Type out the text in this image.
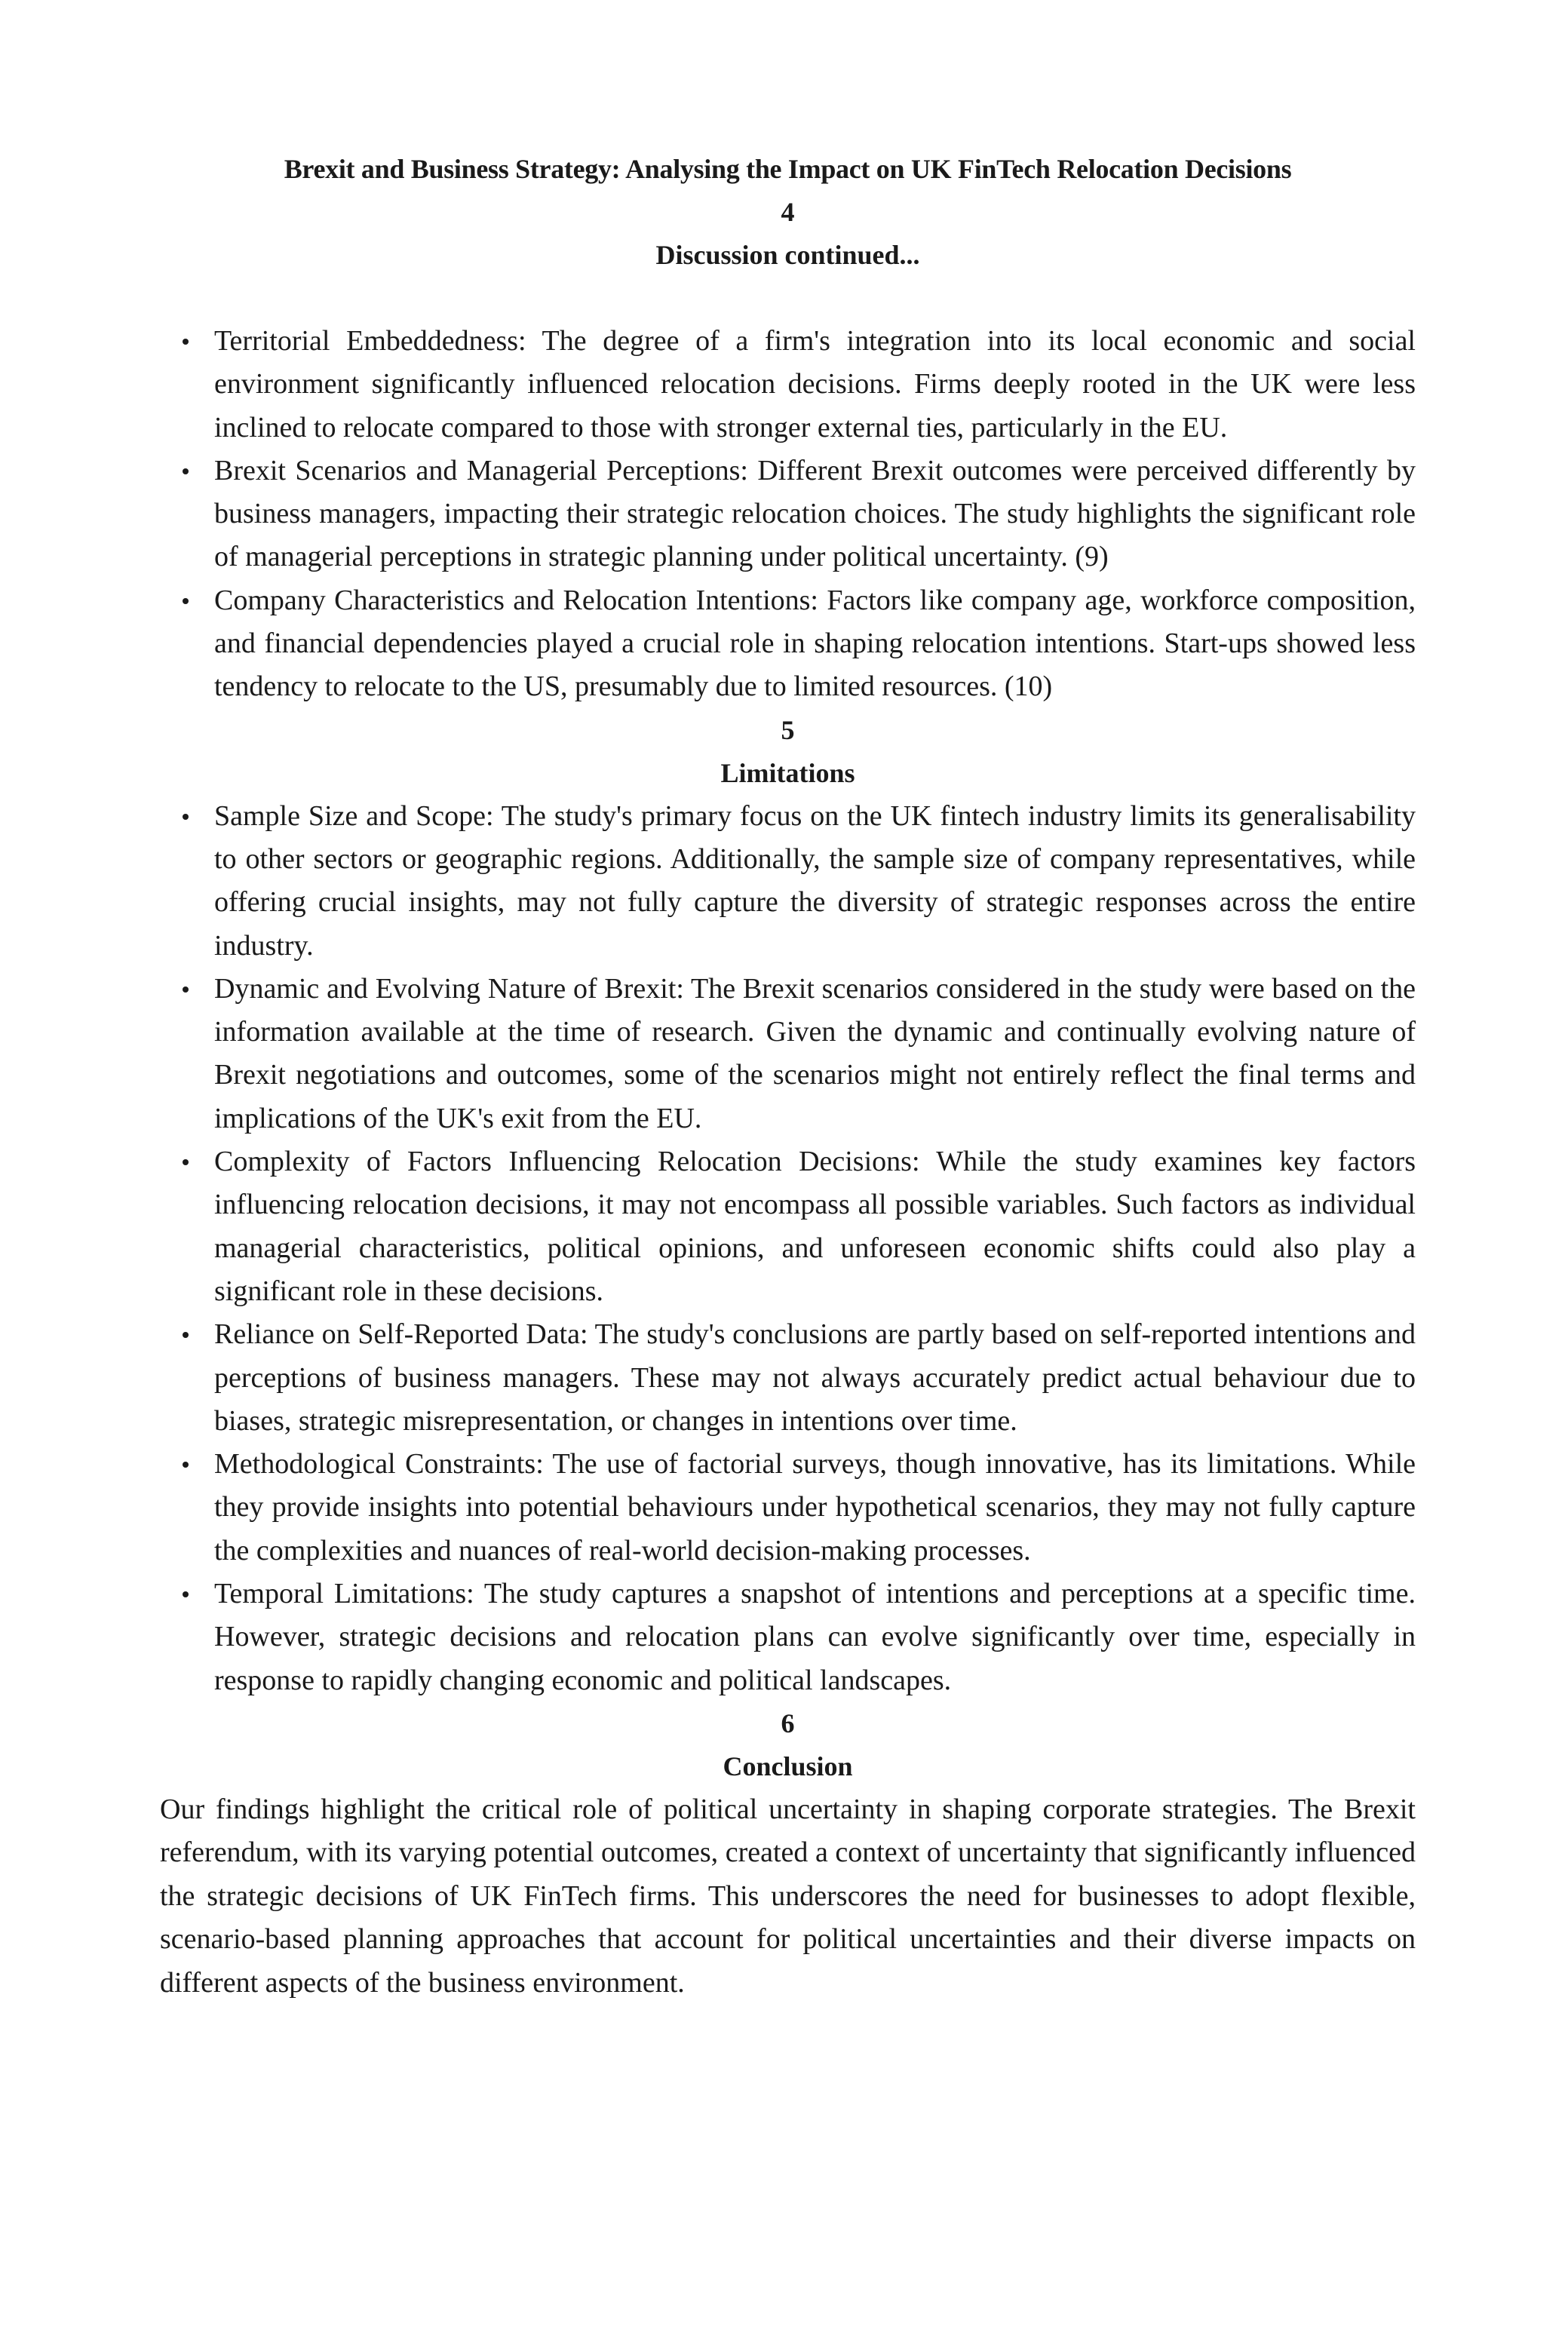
Brexit and Business Strategy: Analysing the Impact on UK FinTech Relocation Decisions
4
Discussion continued...
Territorial Embeddedness: The degree of a firm's integration into its local economic and social environment significantly influenced relocation decisions. Firms deeply rooted in the UK were less inclined to relocate compared to those with stronger external ties, particularly in the EU.
Brexit Scenarios and Managerial Perceptions: Different Brexit outcomes were perceived differently by business managers, impacting their strategic relocation choices. The study highlights the significant role of managerial perceptions in strategic planning under political uncertainty. (9)
Company Characteristics and Relocation Intentions: Factors like company age, workforce composition, and financial dependencies played a crucial role in shaping relocation intentions. Start-ups showed less tendency to relocate to the US, presumably due to limited resources. (10)
5
Limitations
Sample Size and Scope: The study's primary focus on the UK fintech industry limits its generalisability to other sectors or geographic regions. Additionally, the sample size of company representatives, while offering crucial insights, may not fully capture the diversity of strategic responses across the entire industry.
Dynamic and Evolving Nature of Brexit: The Brexit scenarios considered in the study were based on the information available at the time of research. Given the dynamic and continually evolving nature of Brexit negotiations and outcomes, some of the scenarios might not entirely reflect the final terms and implications of the UK's exit from the EU.
Complexity of Factors Influencing Relocation Decisions: While the study examines key factors influencing relocation decisions, it may not encompass all possible variables. Such factors as individual managerial characteristics, political opinions, and unforeseen economic shifts could also play a significant role in these decisions.
Reliance on Self-Reported Data: The study's conclusions are partly based on self-reported intentions and perceptions of business managers. These may not always accurately predict actual behaviour due to biases, strategic misrepresentation, or changes in intentions over time.
Methodological Constraints: The use of factorial surveys, though innovative, has its limitations. While they provide insights into potential behaviours under hypothetical scenarios, they may not fully capture the complexities and nuances of real-world decision-making processes.
Temporal Limitations: The study captures a snapshot of intentions and perceptions at a specific time. However, strategic decisions and relocation plans can evolve significantly over time, especially in response to rapidly changing economic and political landscapes.
6
Conclusion

Our findings highlight the critical role of political uncertainty in shaping corporate strategies. The Brexit referendum, with its varying potential outcomes, created a context of uncertainty that significantly influenced the strategic decisions of UK FinTech firms. This underscores the need for businesses to adopt flexible, scenario-based planning approaches that account for political uncertainties and their diverse impacts on different aspects of the business environment.
